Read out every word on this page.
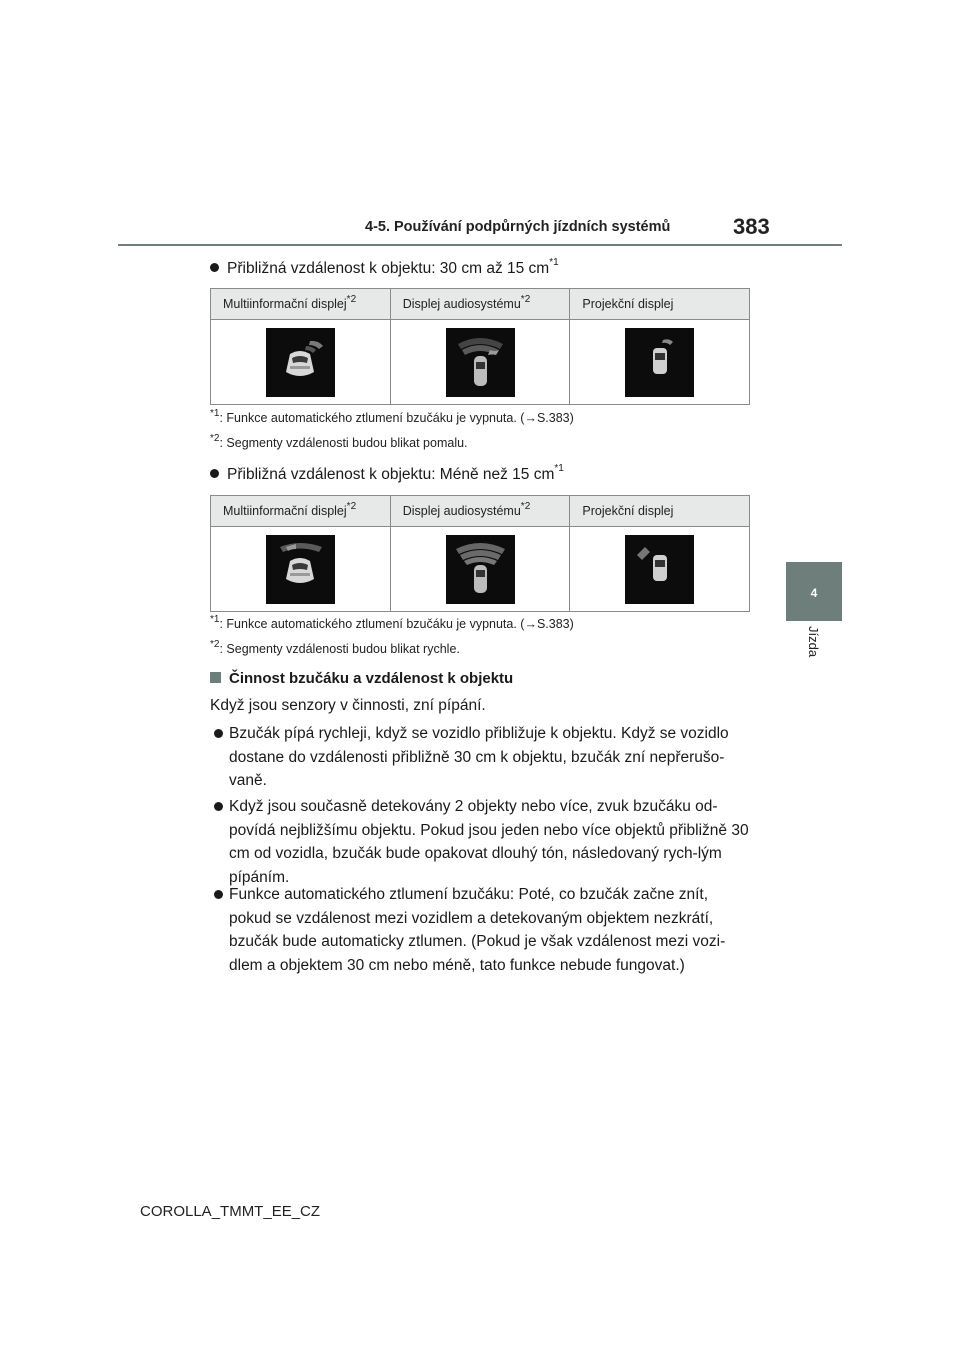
4-5. Používání podpůrných jízdních systémů	383
4
Jízda
Přibližná vzdálenost k objektu: 30 cm až 15 $cm^{*1}$
Multiinformační displej$^{*2}$	Displej audiosystému$^{*2}$	Projekční displej

$^{*1}$: Funkce automatického ztlumení bzučáku je vypnuta. (→S.383)
$^{*2}$: Segmenty vzdálenosti budou blikat pomalu.
Přibližná vzdálenost k objektu: Méně než 15 $cm^{*1}$
Multiinformační displej$^{*2}$	Displej audiosystému$^{*2}$	Projekční displej

$^{*1}$: Funkce automatického ztlumení bzučáku je vypnuta. (→S.383)
$^{*2}$: Segmenty vzdálenosti budou blikat rychle.
Činnost bzučáku a vzdálenost k objektu
Když jsou senzory v činnosti, zní pípání.
Bzučák pípá rychleji, když se vozidlo přibližuje k objektu. Když se vozidlo dostane do vzdálenosti přibližně 30 cm k objektu, bzučák zní nepřerušo-vaně.
Když jsou současně detekovány 2 objekty nebo více, zvuk bzučáku od-povídá nejbližšímu objektu. Pokud jsou jeden nebo více objektů přibližně 30 cm od vozidla, bzučák bude opakovat dlouhý tón, následovaný rych-lým pípáním.
Funkce automatického ztlumení bzučáku: Poté, co bzučák začne znít, pokud se vzdálenost mezi vozidlem a detekovaným objektem nezkrátí, bzučák bude automaticky ztlumen. (Pokud je však vzdálenost mezi vozi-dlem a objektem 30 cm nebo méně, tato funkce nebude fungovat.)
COROLLA_TMMT_EE_CZ
